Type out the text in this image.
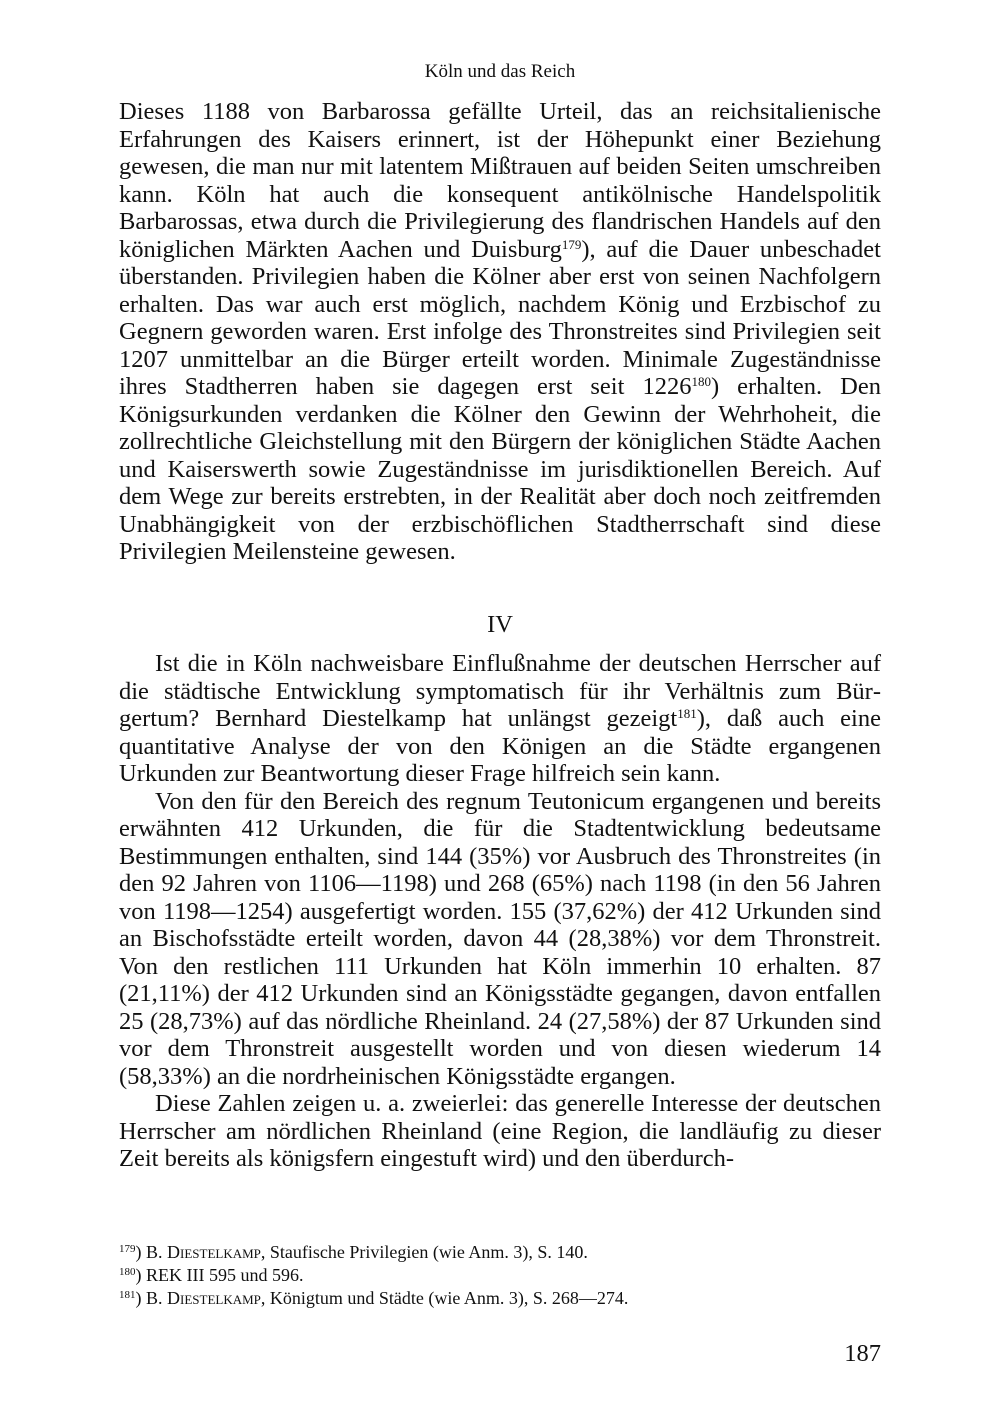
Köln und das Reich

Dieses 1188 von Barbarossa gefällte Urteil, das an reichsitalienische Erfahrungen des Kaisers erinnert, ist der Höhepunkt einer Beziehung gewesen, die man nur mit latentem Mißtrauen auf beiden Seiten umschreiben kann. Köln hat auch die konsequent antikölnische Handelspolitik Barbarossas, etwa durch die Privilegierung des flandrischen Handels auf den königlichen Märkten Aachen und Duisburg$^{179}$), auf die Dauer unbeschadet überstanden. Privilegien haben die Kölner aber erst von seinen Nachfolgern erhalten. Das war auch erst möglich, nachdem König und Erzbischof zu Gegnern geworden waren. Erst infolge des Thronstreites sind Privilegien seit 1207 unmittelbar an die Bürger erteilt worden. Minimale Zugeständnisse ihres Stadtherren haben sie dagegen erst seit 1226$^{180}$) erhalten. Den Königsurkunden verdanken die Kölner den Gewinn der Wehrhoheit, die zollrechtliche Gleichstellung mit den Bürgern der königlichen Städte Aachen und Kaiserswerth sowie Zugeständnisse im jurisdiktionellen Bereich. Auf dem Wege zur bereits erstrebten, in der Realität aber doch noch zeitfremden Unabhängigkeit von der erzbischöflichen Stadtherrschaft sind diese Privilegien Meilensteine gewesen.

IV

Ist die in Köln nachweisbare Einflußnahme der deutschen Herrscher auf die städtische Entwicklung symptomatisch für ihr Verhältnis zum Bürgertum? Bernhard Diestelkamp hat unlängst gezeigt$^{181}$), daß auch eine quantitative Analyse der von den Königen an die Städte ergangenen Urkunden zur Beantwortung dieser Frage hilfreich sein kann.

Von den für den Bereich des regnum Teutonicum ergangenen und bereits erwähnten 412 Urkunden, die für die Stadtentwicklung bedeutsame Bestimmungen enthalten, sind 144 (35%) vor Ausbruch des Thronstreites (in den 92 Jahren von 1106—1198) und 268 (65%) nach 1198 (in den 56 Jahren von 1198—1254) ausgefertigt worden. 155 (37,62%) der 412 Urkunden sind an Bischofsstädte erteilt worden, davon 44 (28,38%) vor dem Thronstreit. Von den restlichen 111 Urkunden hat Köln immerhin 10 erhalten. 87 (21,11%) der 412 Urkunden sind an Königsstädte gegangen, davon entfallen 25 (28,73%) auf das nördliche Rheinland. 24 (27,58%) der 87 Urkunden sind vor dem Thronstreit ausgestellt worden und von diesen wiederum 14 (58,33%) an die nordrheinischen Königsstädte ergangen.

Diese Zahlen zeigen u. a. zweierlei: das generelle Interesse der deutschen Herrscher am nördlichen Rheinland (eine Region, die landläufig zu dieser Zeit bereits als königsfern eingestuft wird) und den überdurch-

$^{179}$) B. Diestelkamp, Staufische Privilegien (wie Anm. 3), S. 140.
$^{180}$) REK III 595 und 596.
$^{181}$) B. Diestelkamp, Königtum und Städte (wie Anm. 3), S. 268—274.
187
